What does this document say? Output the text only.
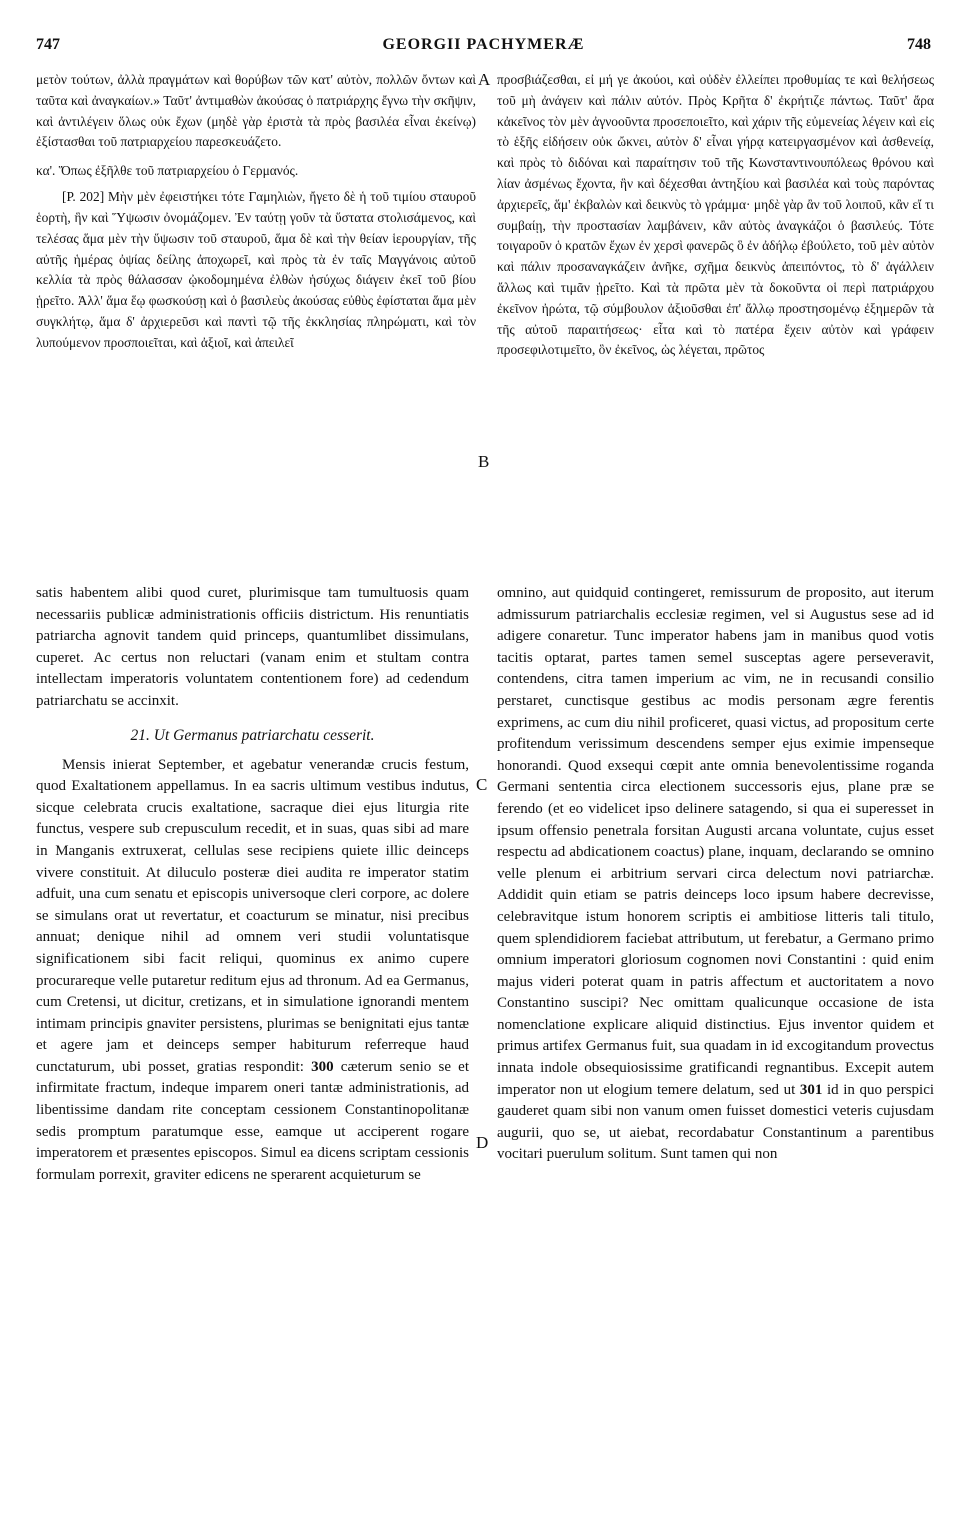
747	GEORGII PACHYMERÆ	748

μετὸν τούτων, ἀλλὰ πραγμάτων καὶ θορύβων τῶν κατ' αὐτὸν, πολλῶν ὄντων καὶ ταῦτα καὶ ἀναγκαίων.» Ταῦτ' ἀντιμαθὼν ἀκούσας ὁ πατριάρχης ἔγνω τὴν σκῆψιν, καὶ ἀντιλέγειν ὅλως οὐκ ἔχων (μηδὲ γὰρ ἐριστὰ τὰ πρὸς βασιλέα εἶναι ἐκείνῳ) ἐξίστασθαι τοῦ πατριαρχείου παρεσκευάζετο.

κα'. Ὅπως ἐξῆλθε τοῦ πατριαρχείου ὁ Γερμανός.

[P. 202] Μὴν μὲν ἐφειστήκει τότε Γαμηλιὼν, ἤγετο δὲ ἡ τοῦ τιμίου σταυροῦ ἑορτὴ, ἣν καὶ Ὕψωσιν ὀνομάζομεν. Ἐν ταύτῃ γοῦν τὰ ὕστατα στολισάμενος, καὶ τελέσας ἅμα μὲν τὴν ὕψωσιν τοῦ σταυροῦ, ἅμα δὲ καὶ τὴν θείαν ἱερουργίαν, τῆς αὐτῆς ἡμέρας ὀψίας δείλης ἀποχωρεῖ, καὶ πρὸς τὰ ἐν ταῖς Μαγγάνοις αὐτοῦ κελλία τὰ πρὸς θάλασσαν ᾠκοδομημένα ἐλθὼν ἡσύχως διάγειν ἐκεῖ τοῦ βίου ᾑρεῖτο. Ἀλλ' ἅμα ἕῳ φωσκούσῃ καὶ ὁ βασιλεὺς ἀκούσας εὐθὺς ἐφίσταται ἅμα μὲν συγκλήτῳ, ἅμα δ' ἀρχιερεῦσι καὶ παντὶ τῷ τῆς ἐκκλησίας πληρώματι, καὶ τὸν λυπούμενον προσποιεῖται, καὶ ἀξιοῖ, καὶ ἀπειλεῖ

προσβιάζεσθαι, εἰ μή γε ἀκούοι, καὶ οὐδὲν ἐλλείπει προθυμίας τε καὶ θελήσεως τοῦ μὴ ἀνάγειν καὶ πάλιν αὐτόν. Πρὸς Κρῆτα δ' ἐκρήτιζε πάντως. Ταῦτ' ἄρα κἀκεῖνος τὸν μὲν ἀγνοοῦντα προσεποιεῖτο, καὶ χάριν τῆς εὐμενείας λέγειν καὶ εἰς τὸ ἑξῆς εἰδήσειν οὐκ ὤκνει, αὐτὸν δ' εἶναι γήρᾳ κατειργασμένον καὶ ἀσθενείᾳ, καὶ πρὸς τὸ διδόναι καὶ παραίτησιν τοῦ τῆς Κωνσταντινουπόλεως θρόνου καὶ λίαν ἀσμένως ἔχοντα, ἣν καὶ δέχεσθαι ἀντηξίου καὶ βασιλέα καὶ τοὺς παρόντας ἀρχιερεῖς, ἅμ' ἐκβαλὼν καὶ δεικνὺς τὸ γράμμα· μηδὲ γὰρ ἂν τοῦ λοιποῦ, κἂν εἴ τι συμβαίῃ, τὴν προστασίαν λαμβάνειν, κἂν αὐτὸς ἀναγκάζοι ὁ βασιλεύς. Τότε τοιγαροῦν ὁ κρατῶν ἔχων ἐν χερσὶ φανερῶς ὃ ἐν ἀδήλῳ ἐβούλετο, τοῦ μὲν αὐτὸν καὶ πάλιν προσαναγκάζειν ἀνῆκε, σχῆμα δεικνὺς ἀπειπόντος, τὸ δ' ἀγάλλειν ἄλλως καὶ τιμᾶν ᾑρεῖτο. Καὶ τὰ πρῶτα μὲν τὰ δοκοῦντα οἱ περὶ πατριάρχου ἐκεῖνον ἠρώτα, τῷ σύμβουλον ἀξιοῦσθαι ἐπ' ἄλλῳ προστησομένῳ ἐξημερῶν τὰ τῆς αὐτοῦ παραιτήσεως· εἶτα καὶ τὸ πατέρα ἔχειν αὐτὸν καὶ γράφειν προσεφιλοτιμεῖτο, ὃν ἐκεῖνος, ὡς λέγεται, πρῶτος

A
B
C
D

satis habentem alibi quod curet, plurimisque tam tumultuosis quam necessariis publicæ administrationis officiis districtum. His renuntiatis patriarcha agnovit tandem quid princeps, quantumlibet dissimulans, cuperet. Ac certus non reluctari (vanam enim et stultam contra intellectam imperatoris voluntatem contentionem fore) ad cedendum patriarchatu se accinxit.

21. Ut Germanus patriarchatu cesserit.

Mensis inierat September, et agebatur venerandæ crucis festum, quod Exaltationem appellamus. In ea sacris ultimum vestibus indutus, sicque celebrata crucis exaltatione, sacraque diei ejus liturgia rite functus, vespere sub crepusculum recedit, et in suas, quas sibi ad mare in Manganis extruxerat, cellulas sese recipiens quiete illic deinceps vivere constituit. At diluculo posteræ diei audita re imperator statim adfuit, una cum senatu et episcopis universoque cleri corpore, ac dolere se simulans orat ut revertatur, et coacturum se minatur, nisi precibus annuat; denique nihil ad omnem veri studii voluntatisque significationem sibi facit reliqui, quominus ex animo cupere procurareque velle putaretur reditum ejus ad thronum. Ad ea Germanus, cum Cretensi, ut dicitur, cretizans, et in simulatione ignorandi mentem intimam principis gnaviter persistens, plurimas se benignitati ejus tantæ et agere jam et deinceps semper habiturum referreque haud cunctaturum, ubi posset, gratias respondit: 300 cæterum senio se et infirmitate fractum, indeque imparem oneri tantæ administrationis, ad libentissime dandam rite conceptam cessionem Constantinopolitanæ sedis promptum paratumque esse, eamque ut acciperent rogare imperatorem et præsentes episcopos. Simul ea dicens scriptam cessionis formulam porrexit, graviter edicens ne sperarent acquieturum se

omnino, aut quidquid contingeret, remissurum de proposito, aut iterum admissurum patriarchalis ecclesiæ regimen, vel si Augustus sese ad id adigere conaretur. Tunc imperator habens jam in manibus quod votis tacitis optarat, partes tamen semel susceptas agere perseveravit, contendens, citra tamen imperium ac vim, ne in recusandi consilio perstaret, cunctisque gestibus ac modis personam ægre ferentis exprimens, ac cum diu nihil proficeret, quasi victus, ad propositum certe profitendum verissimum descendens semper ejus eximie impenseque honorandi. Quod exsequi cœpit ante omnia benevolentissime roganda Germani sententia circa electionem successoris ejus, plane præ se ferendo (et eo videlicet ipso delinere satagendo, si qua ei superesset in ipsum offensio penetrala forsitan Augusti arcana voluntate, cujus esset respectu ad abdicationem coactus) plane, inquam, declarando se omnino velle plenum ei arbitrium servari circa delectum novi patriarchæ. Addidit quin etiam se patris deinceps loco ipsum habere decrevisse, celebravitque istum honorem scriptis ei ambitiose litteris tali titulo, quem splendidiorem faciebat attributum, ut ferebatur, a Germano primo omnium imperatori gloriosum cognomen novi Constantini : quid enim majus videri poterat quam in patris affectum et auctoritatem a novo Constantino suscipi? Nec omittam qualicunque occasione de ista nomenclatione explicare aliquid distinctius. Ejus inventor quidem et primus artifex Germanus fuit, sua quadam in id excogitandum provectus innata indole obsequiosissime gratificandi regnantibus. Excepit autem imperator non ut elogium temere delatum, sed ut 301 id in quo perspici gauderet quam sibi non vanum omen fuisset domestici veteris cujusdam augurii, quo se, ut aiebat, recordabatur Constantinum a parentibus vocitari puerulum solitum. Sunt tamen qui non
